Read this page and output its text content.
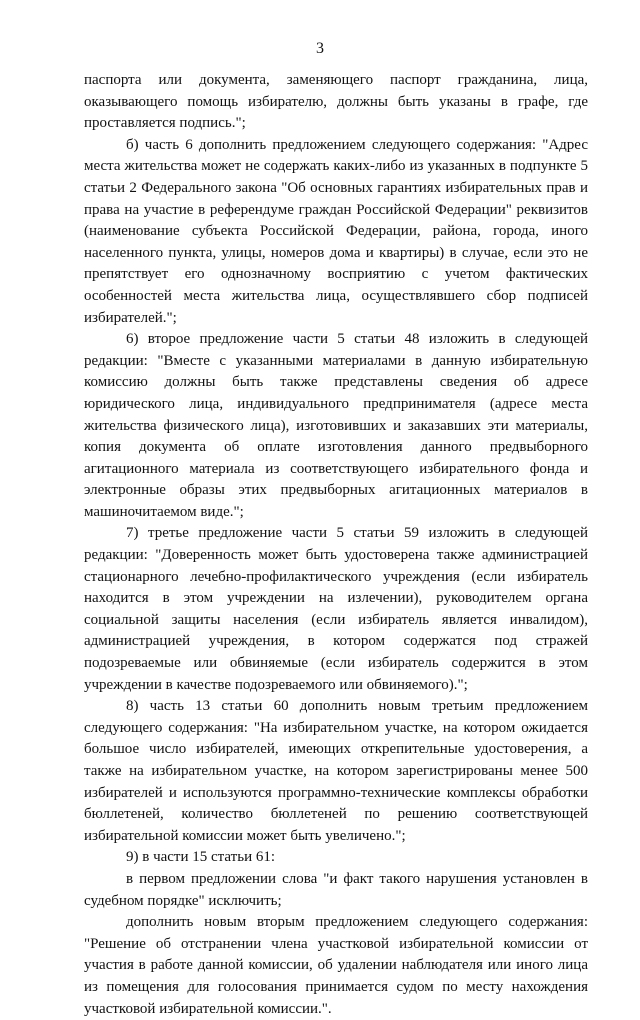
3

паспорта или документа, заменяющего паспорт гражданина, лица, оказывающего помощь избирателю, должны быть указаны в графе, где проставляется подпись.";

б) часть 6 дополнить предложением следующего содержания: "Адрес места жительства может не содержать каких-либо из указанных в подпункте 5 статьи 2 Федерального закона "Об основных гарантиях избирательных прав и права на участие в референдуме граждан Российской Федерации" реквизитов (наименование субъекта Российской Федерации, района, города, иного населенного пункта, улицы, номеров дома и квартиры) в случае, если это не препятствует его однозначному восприятию с учетом фактических особенностей места жительства лица, осуществлявшего сбор подписей избирателей.";

6) второе предложение части 5 статьи 48 изложить в следующей редакции: "Вместе с указанными материалами в данную избирательную комиссию должны быть также представлены сведения об адресе юридического лица, индивидуального предпринимателя (адресе места жительства физического лица), изготовивших и заказавших эти материалы, копия документа об оплате изготовления данного предвыборного агитационного материала из соответствующего избирательного фонда и электронные образы этих предвыборных агитационных материалов в машиночитаемом виде.";

7) третье предложение части 5 статьи 59 изложить в следующей редакции: "Доверенность может быть удостоверена также администрацией стационарного лечебно-профилактического учреждения (если избиратель находится в этом учреждении на излечении), руководителем органа социальной защиты населения (если избиратель является инвалидом), администрацией учреждения, в котором содержатся под стражей подозреваемые или обвиняемые (если избиратель содержится в этом учреждении в качестве подозреваемого или обвиняемого).";

8) часть 13 статьи 60 дополнить новым третьим предложением следующего содержания: "На избирательном участке, на котором ожидается большое число избирателей, имеющих открепительные удостоверения, а также на избирательном участке, на котором зарегистрированы менее 500 избирателей и используются программно-технические комплексы обработки бюллетеней, количество бюллетеней по решению соответствующей избирательной комиссии может быть увеличено.";

9) в части 15 статьи 61:

в первом предложении слова "и факт такого нарушения установлен в судебном порядке" исключить;

дополнить новым вторым предложением следующего содержания: "Решение об отстранении члена участковой избирательной комиссии от участия в работе данной комиссии, об удалении наблюдателя или иного лица из помещения для голосования принимается судом по месту нахождения участковой избирательной комиссии.".
